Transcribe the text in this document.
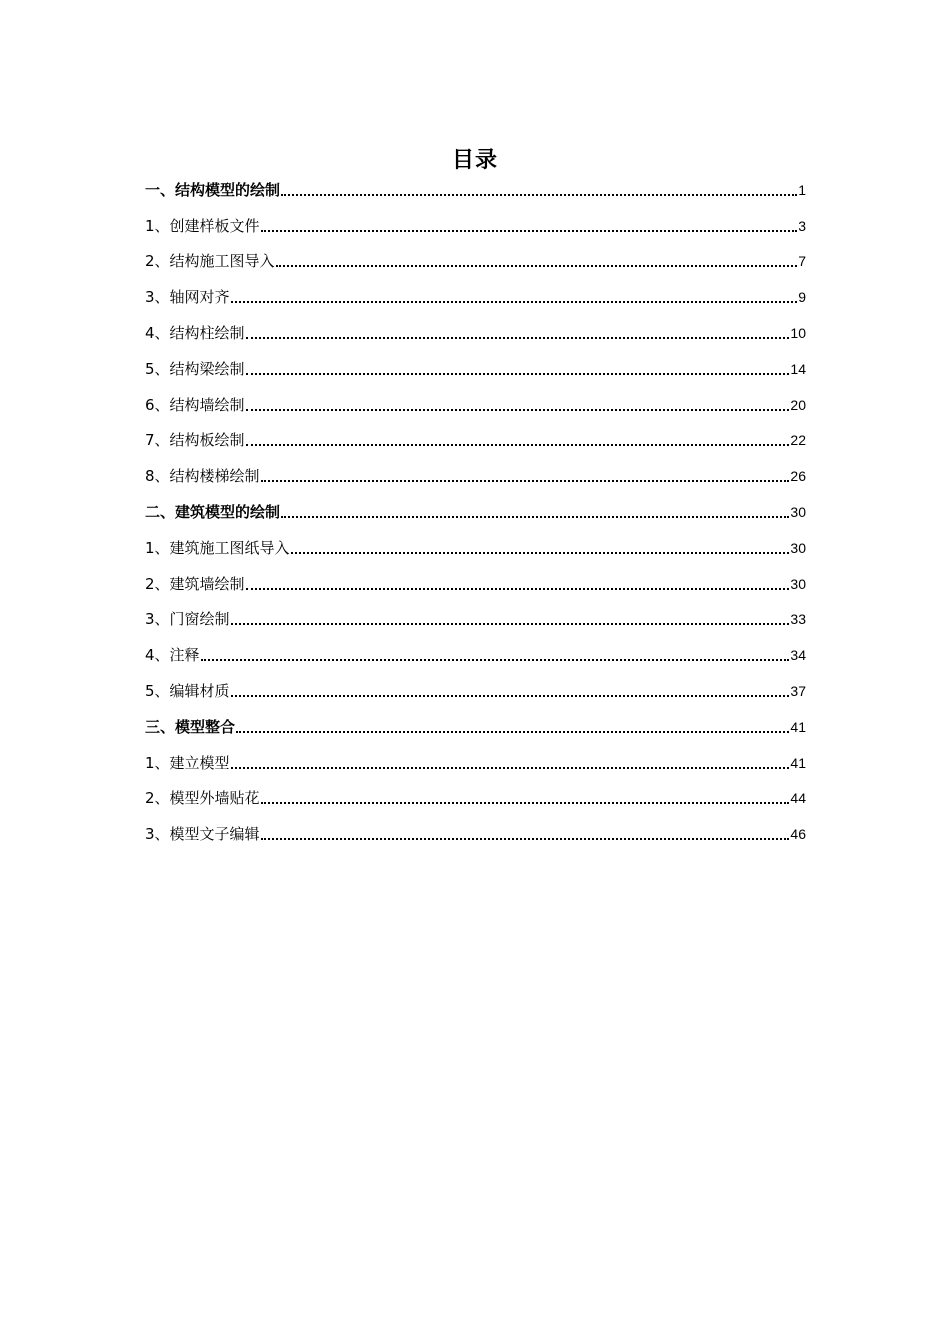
目录
一、结构模型的绘制	1
1、创建样板文件	3
2、结构施工图导入	7
3、轴网对齐	9
4、结构柱绘制	10
5、结构梁绘制	14
6、结构墙绘制	20
7、结构板绘制	22
8、结构楼梯绘制	26
二、建筑模型的绘制	30
1、建筑施工图纸导入	30
2、建筑墙绘制	30
3、门窗绘制	33
4、注释	34
5、编辑材质	37
三、模型整合	41
1、建立模型	41
2、模型外墙贴花	44
3、模型文子编辑	46
